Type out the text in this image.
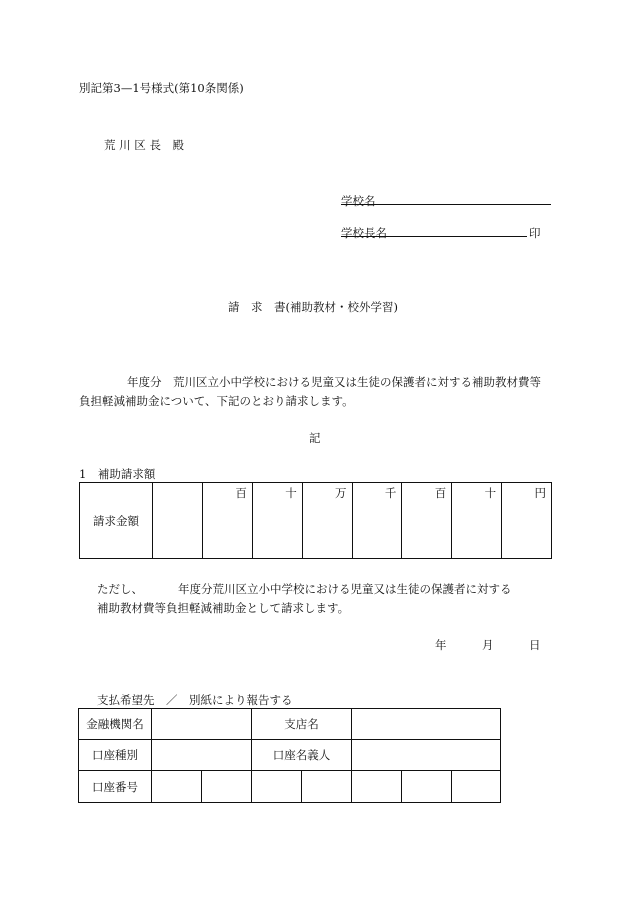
別記第3—1号様式(第10条関係)
荒 川 区 長　殿
学校名
学校長名	印
請　求　書(補助教材・校外学習)
年度分　荒川区立小中学校における児童又は生徒の保護者に対する補助教材費等
負担軽減補助金について、下記のとおり請求します。
記
1　補助請求額
請求金額		百	十	万	千	百	十	円
ただし、	年度分荒川区立小中学校における児童又は生徒の保護者に対する
補助教材費等負担軽減補助金として請求します。
年	月	日
支払希望先　／　別紙により報告する
金融機関名			支店名				
口座種別			口座名義人				
口座番号							
